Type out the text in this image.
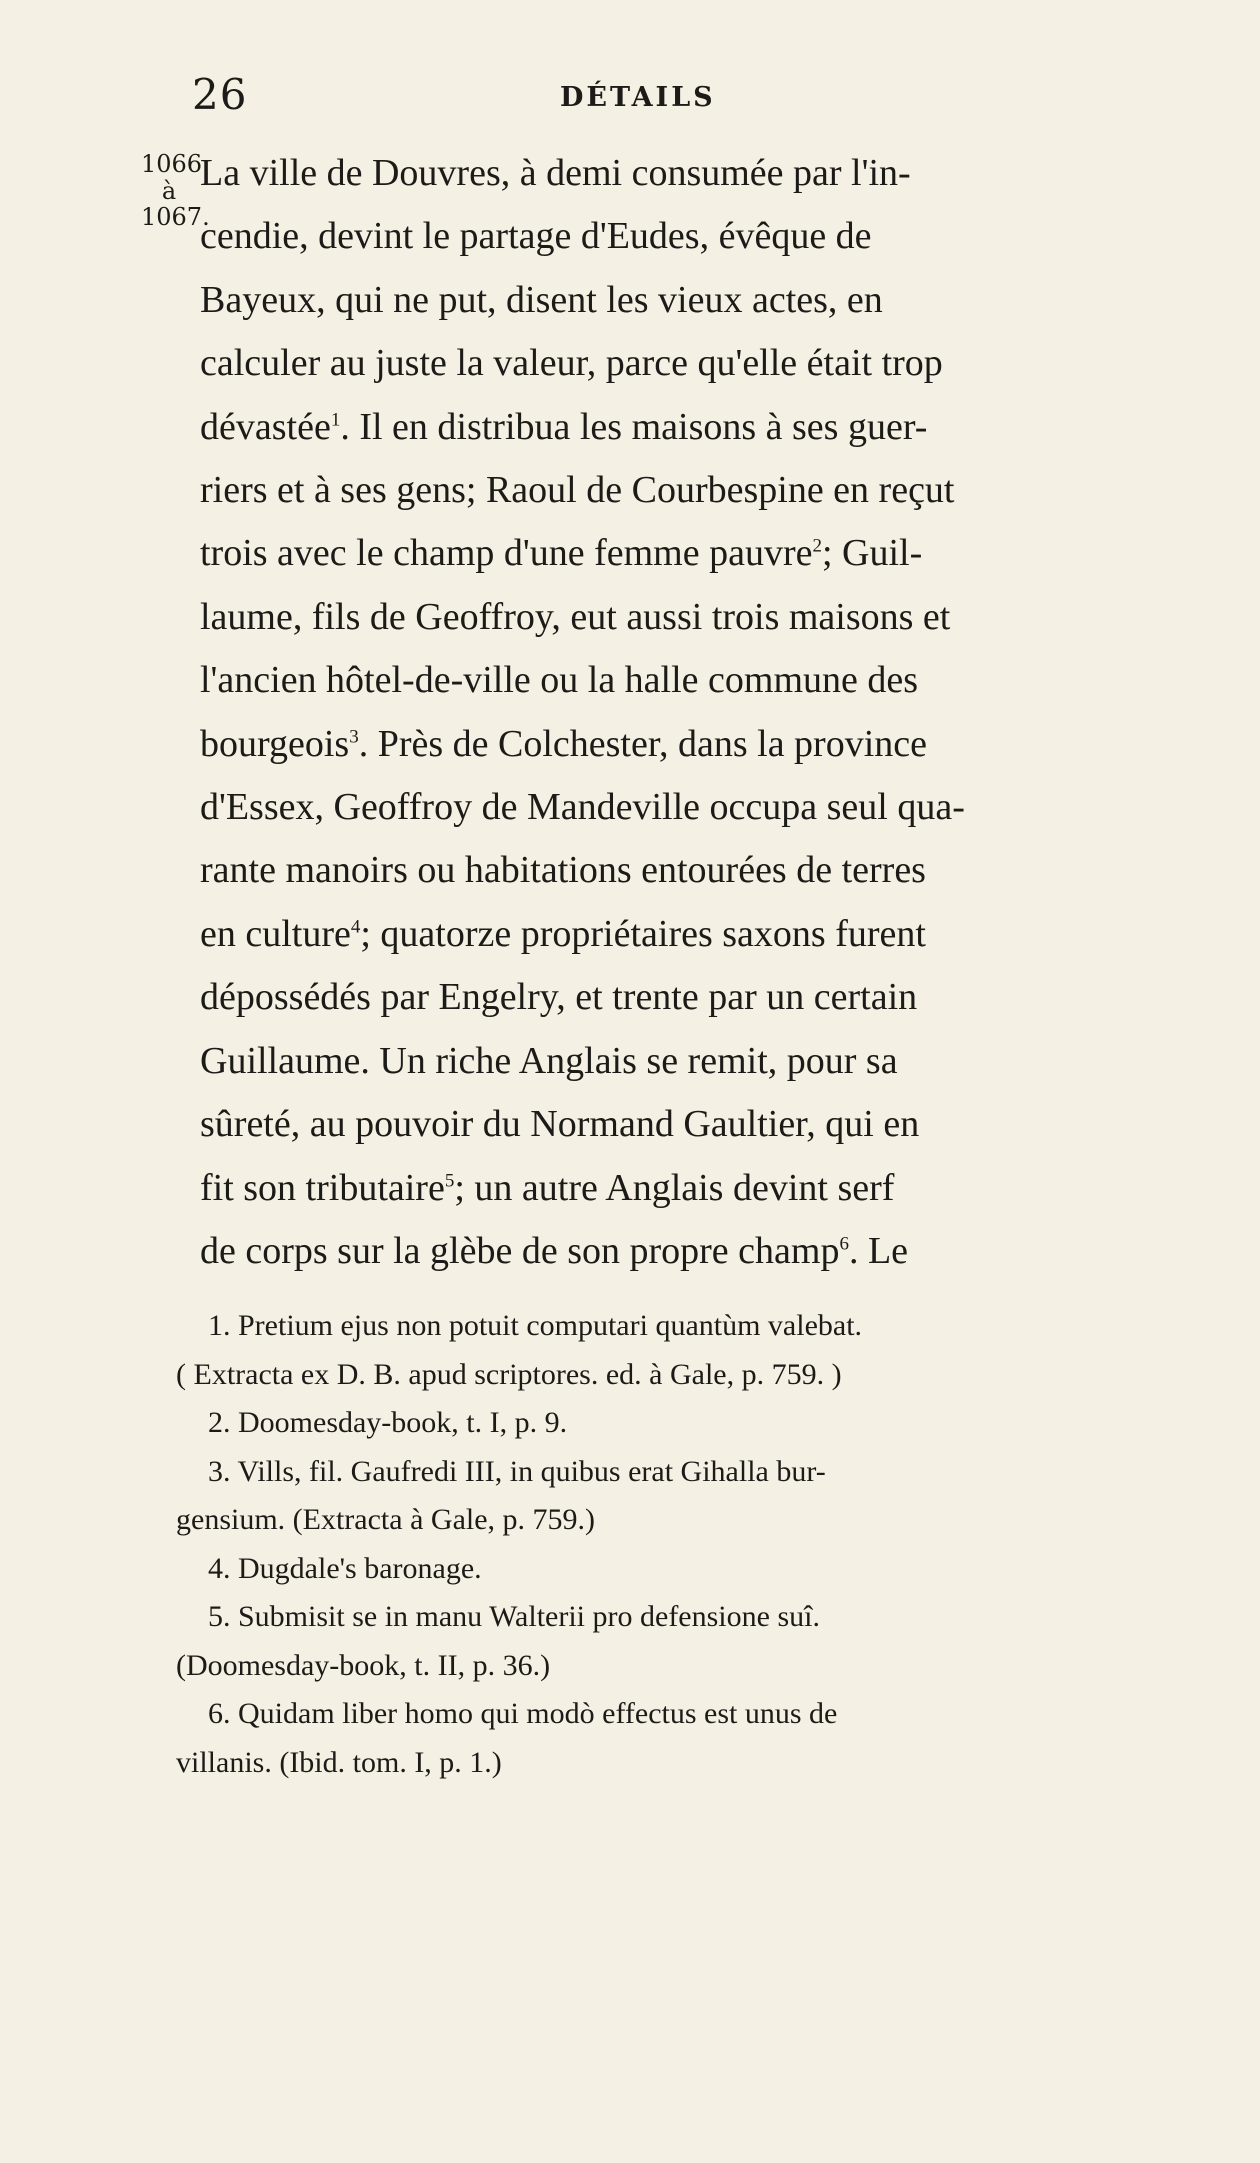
26	DÉTAILS
1066
à
1067.
La ville de Douvres, à demi consumée par l'in-
cendie, devint le partage d'Eudes, évêque de
Bayeux, qui ne put, disent les vieux actes, en
calculer au juste la valeur, parce qu'elle était trop
dévastée$^1$. Il en distribua les maisons à ses guer-
riers et à ses gens; Raoul de Courbespine en reçut
trois avec le champ d'une femme pauvre$^2$; Guil-
laume, fils de Geoffroy, eut aussi trois maisons et
l'ancien hôtel-de-ville ou la halle commune des
bourgeois$^3$. Près de Colchester, dans la province
d'Essex, Geoffroy de Mandeville occupa seul qua-
rante manoirs ou habitations entourées de terres
en culture$^4$; quatorze propriétaires saxons furent
dépossédés par Engelry, et trente par un certain
Guillaume. Un riche Anglais se remit, pour sa
sûreté, au pouvoir du Normand Gaultier, qui en
fit son tributaire$^5$; un autre Anglais devint serf
de corps sur la glèbe de son propre champ$^6$. Le
1. Pretium ejus non potuit computari quantùm valebat.
( Extracta ex D. B. apud scriptores. ed. à Gale, p. 759. )
2. Doomesday-book, t. I, p. 9.
3. Vills, fil. Gaufredi III, in quibus erat Gihalla bur-
gensium. (Extracta à Gale, p. 759.)
4. Dugdale's baronage.
5. Submisit se in manu Walterii pro defensione suî.
(Doomesday-book, t. II, p. 36.)
6. Quidam liber homo qui modò effectus est unus de
villanis. (Ibid. tom. I, p. 1.)
